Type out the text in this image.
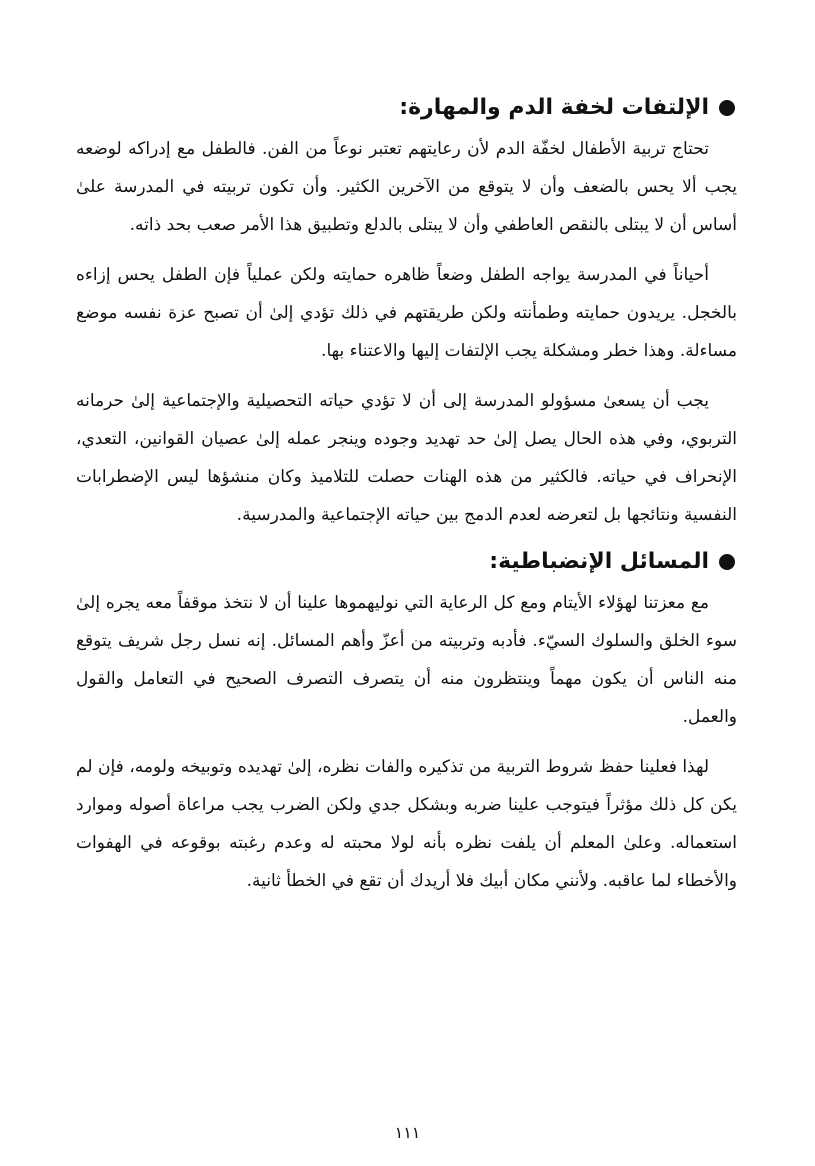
الإلتفات لخفة الدم والمهارة:

تحتاج تربية الأطفال لخفّة الدم لأن رعايتهم تعتبر نوعاً من الفن. فالطفل مع إدراكه لوضعه يجب ألا يحس بالضعف وأن لا يتوقع من الآخرين الكثير. وأن تكون تربيته في المدرسة علىٰ أساس أن لا يبتلى بالنقص العاطفي وأن لا يبتلى بالدلع وتطبيق هذا الأمر صعب بحد ذاته.

أحياناً في المدرسة يواجه الطفل وضعاً ظاهره حمايته ولكن عملياً فإن الطفل يحس إزاءه بالخجل. يريدون حمايته وطمأنته ولكن طريقتهم في ذلك تؤدي إلىٰ أن تصبح عزة نفسه موضع مساءلة. وهذا خطر ومشكلة يجب الإلتفات إليها والاعتناء بها.

يجب أن يسعىٰ مسؤولو المدرسة إلى أن لا تؤدي حياته التحصيلية والإجتماعية إلىٰ حرمانه التربوي، وفي هذه الحال يصل إلىٰ حد تهديد وجوده وينجر عمله إلىٰ عصيان القوانين، التعدي، الإنحراف في حياته. فالكثير من هذه الهنات حصلت للتلاميذ وكان منشؤها ليس الإضطرابات النفسية ونتائجها بل لتعرضه لعدم الدمج بين حياته الإجتماعية والمدرسية.

المسائل الإنضباطية:

مع معزتنا لهؤلاء الأيتام ومع كل الرعاية التي نوليهموها علينا أن لا نتخذ موقفاً معه يجره إلىٰ سوء الخلق والسلوك السيّء. فأدبه وتربيته من أعزّ وأهم المسائل. إنه نسل رجل شريف يتوقع منه الناس أن يكون مهماً وينتظرون منه أن يتصرف التصرف الصحيح في التعامل والقول والعمل.

لهذا فعلينا حفظ شروط التربية من تذكيره والفات نظره، إلىٰ تهديده وتوبيخه ولومه، فإن لم يكن كل ذلك مؤثراً فيتوجب علينا ضربه وبشكل جدي ولكن الضرب يجب مراعاة أصوله وموارد استعماله. وعلىٰ المعلم أن يلفت نظره بأنه لولا محبته له وعدم رغبته بوقوعه في الهفوات والأخطاء لما عاقبه. ولأنني مكان أبيك فلا أريدك أن تقع في الخطأ ثانية.

١١١
